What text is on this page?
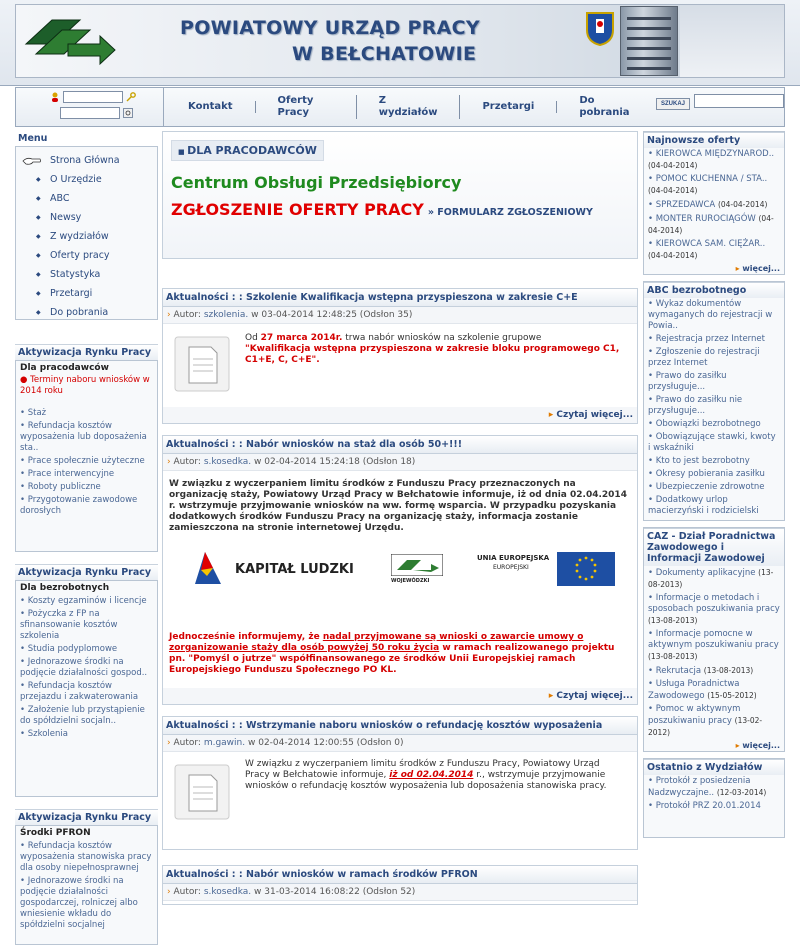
POWIATOWY URZĄD PRACY
W BEŁCHATOWIE
Kontakt
Oferty Pracy
Z wydziałów
Przetargi
Do pobrania
SZUKAJ
Menu
Strona Główna
◆ O Urzędzie
◆ ABC
◆ Newsy
◆ Z wydziałów
◆ Oferty pracy
◆ Statystyka
◆ Przetargi
◆ Do pobrania
Aktywizacja Rynku Pracy
Dla pracodawców
● Terminy naboru wniosków w 2014 roku
• Staż
• Refundacja kosztów wyposażenia lub doposażenia sta..
• Prace społecznie użyteczne
• Prace interwencyjne
• Roboty publiczne
• Przygotowanie zawodowe dorosłych
Aktywizacja Rynku Pracy
Dla bezrobotnych
• Koszty egzaminów i licencje
• Pożyczka z FP na sfinansowanie kosztów szkolenia
• Studia podyplomowe
• Jednorazowe środki na podjęcie działalności gospod..
• Refundacja kosztów przejazdu i zakwaterowania
• Założenie lub przystąpienie do spółdzielni socjaln..
• Szkolenia
Aktywizacja Rynku Pracy
Środki PFRON
• Refundacja kosztów wyposażenia stanowiska pracy dla osoby niepełnosprawnej
• Jednorazowe środki na podjęcie działalności gospodarczej, rolniczej albo wniesienie wkładu do spółdzielni socjalnej
■ DLA PRACODAWCÓW
Centrum Obsługi Przedsiębiorcy
ZGŁOSZENIE OFERTY PRACY » FORMULARZ ZGŁOSZENIOWY
Aktualności : : Szkolenie Kwalifikacja wstępna przyspieszona w zakresie C+E
› Autor: szkolenia. w 03-04-2014 12:48:25 (Odsłon 35)
Od 27 marca 2014r. trwa nabór wniosków na szkolenie grupowe
"Kwalifikacja wstępna przyspieszona w zakresie bloku programowego C1, C1+E, C, C+E".
▸ Czytaj więcej...
Aktualności : : Nabór wniosków na staż dla osób 50+!!!
› Autor: s.kosedka. w 02-04-2014 15:24:18 (Odsłon 18)
W związku z wyczerpaniem limitu środków z Funduszu Pracy przeznaczonych na organizację staży, Powiatowy Urząd Pracy w Bełchatowie informuje, iż od dnia 02.04.2014 r. wstrzymuje przyjmowanie wniosków na ww. formę wsparcia. W przypadku pozyskania dodatkowych środków Funduszu Pracy na organizację staży, informacja zostanie zamieszczona na stronie internetowej Urzędu.
KAPITAŁ LUDZKI
WOJEWÓDZKI
UNIA EUROPEJSKA
EUROPEJSKI
Jednocześnie informujemy, że nadal przyjmowane są wnioski o zawarcie umowy o zorganizowanie staży dla osób powyżej 50 roku życia w ramach realizowanego projektu pn. "Pomyśl o jutrze" współfinansowanego ze środków Unii Europejskiej ramach Europejskiego Funduszu Społecznego PO KL.
▸ Czytaj więcej...
Aktualności : : Wstrzymanie naboru wniosków o refundację kosztów wyposażenia
› Autor: m.gawin. w 02-04-2014 12:00:55 (Odsłon 0)
W związku z wyczerpaniem limitu środków z Funduszu Pracy, Powiatowy Urząd Pracy w Bełchatowie informuje, iż od 02.04.2014 r., wstrzymuje przyjmowanie wniosków o refundację kosztów wyposażenia lub doposażenia stanowiska pracy.
Aktualności : : Nabór wniosków w ramach środków PFRON
› Autor: s.kosedka. w 31-03-2014 16:08:22 (Odsłon 52)
Najnowsze oferty
• KIEROWCA MIĘDZYNAROD.. (04-04-2014)
• POMOC KUCHENNA / STA.. (04-04-2014)
• SPRZEDAWCA (04-04-2014)
• MONTER RUROCIĄGÓW (04-04-2014)
• KIEROWCA SAM. CIĘŻAR.. (04-04-2014)
▸ więcej...
ABC bezrobotnego
• Wykaz dokumentów wymaganych do rejestracji w Powia..
• Rejestracja przez Internet
• Zgłoszenie do rejestracji przez Internet
• Prawo do zasiłku przysługuje...
• Prawo do zasiłku nie przysługuje...
• Obowiązki bezrobotnego
• Obowiązujące stawki, kwoty i wskaźniki
• Kto to jest bezrobotny
• Okresy pobierania zasiłku
• Ubezpieczenie zdrowotne
• Dodatkowy urlop macierzyński i rodzicielski
CAZ - Dział Poradnictwa Zawodowego i Informacji Zawodowej
• Dokumenty aplikacyjne (13-08-2013)
• Informacje o metodach i sposobach poszukiwania pracy (13-08-2013)
• Informacje pomocne w aktywnym poszukiwaniu pracy (13-08-2013)
• Rekrutacja (13-08-2013)
• Usługa Poradnictwa Zawodowego (15-05-2012)
• Pomoc w aktywnym poszukiwaniu pracy (13-02-2012)
▸ więcej...
Ostatnio z Wydziałów
• Protokół z posiedzenia Nadzwyczajne.. (12-03-2014)
• Protokół PRZ 20.01.2014
